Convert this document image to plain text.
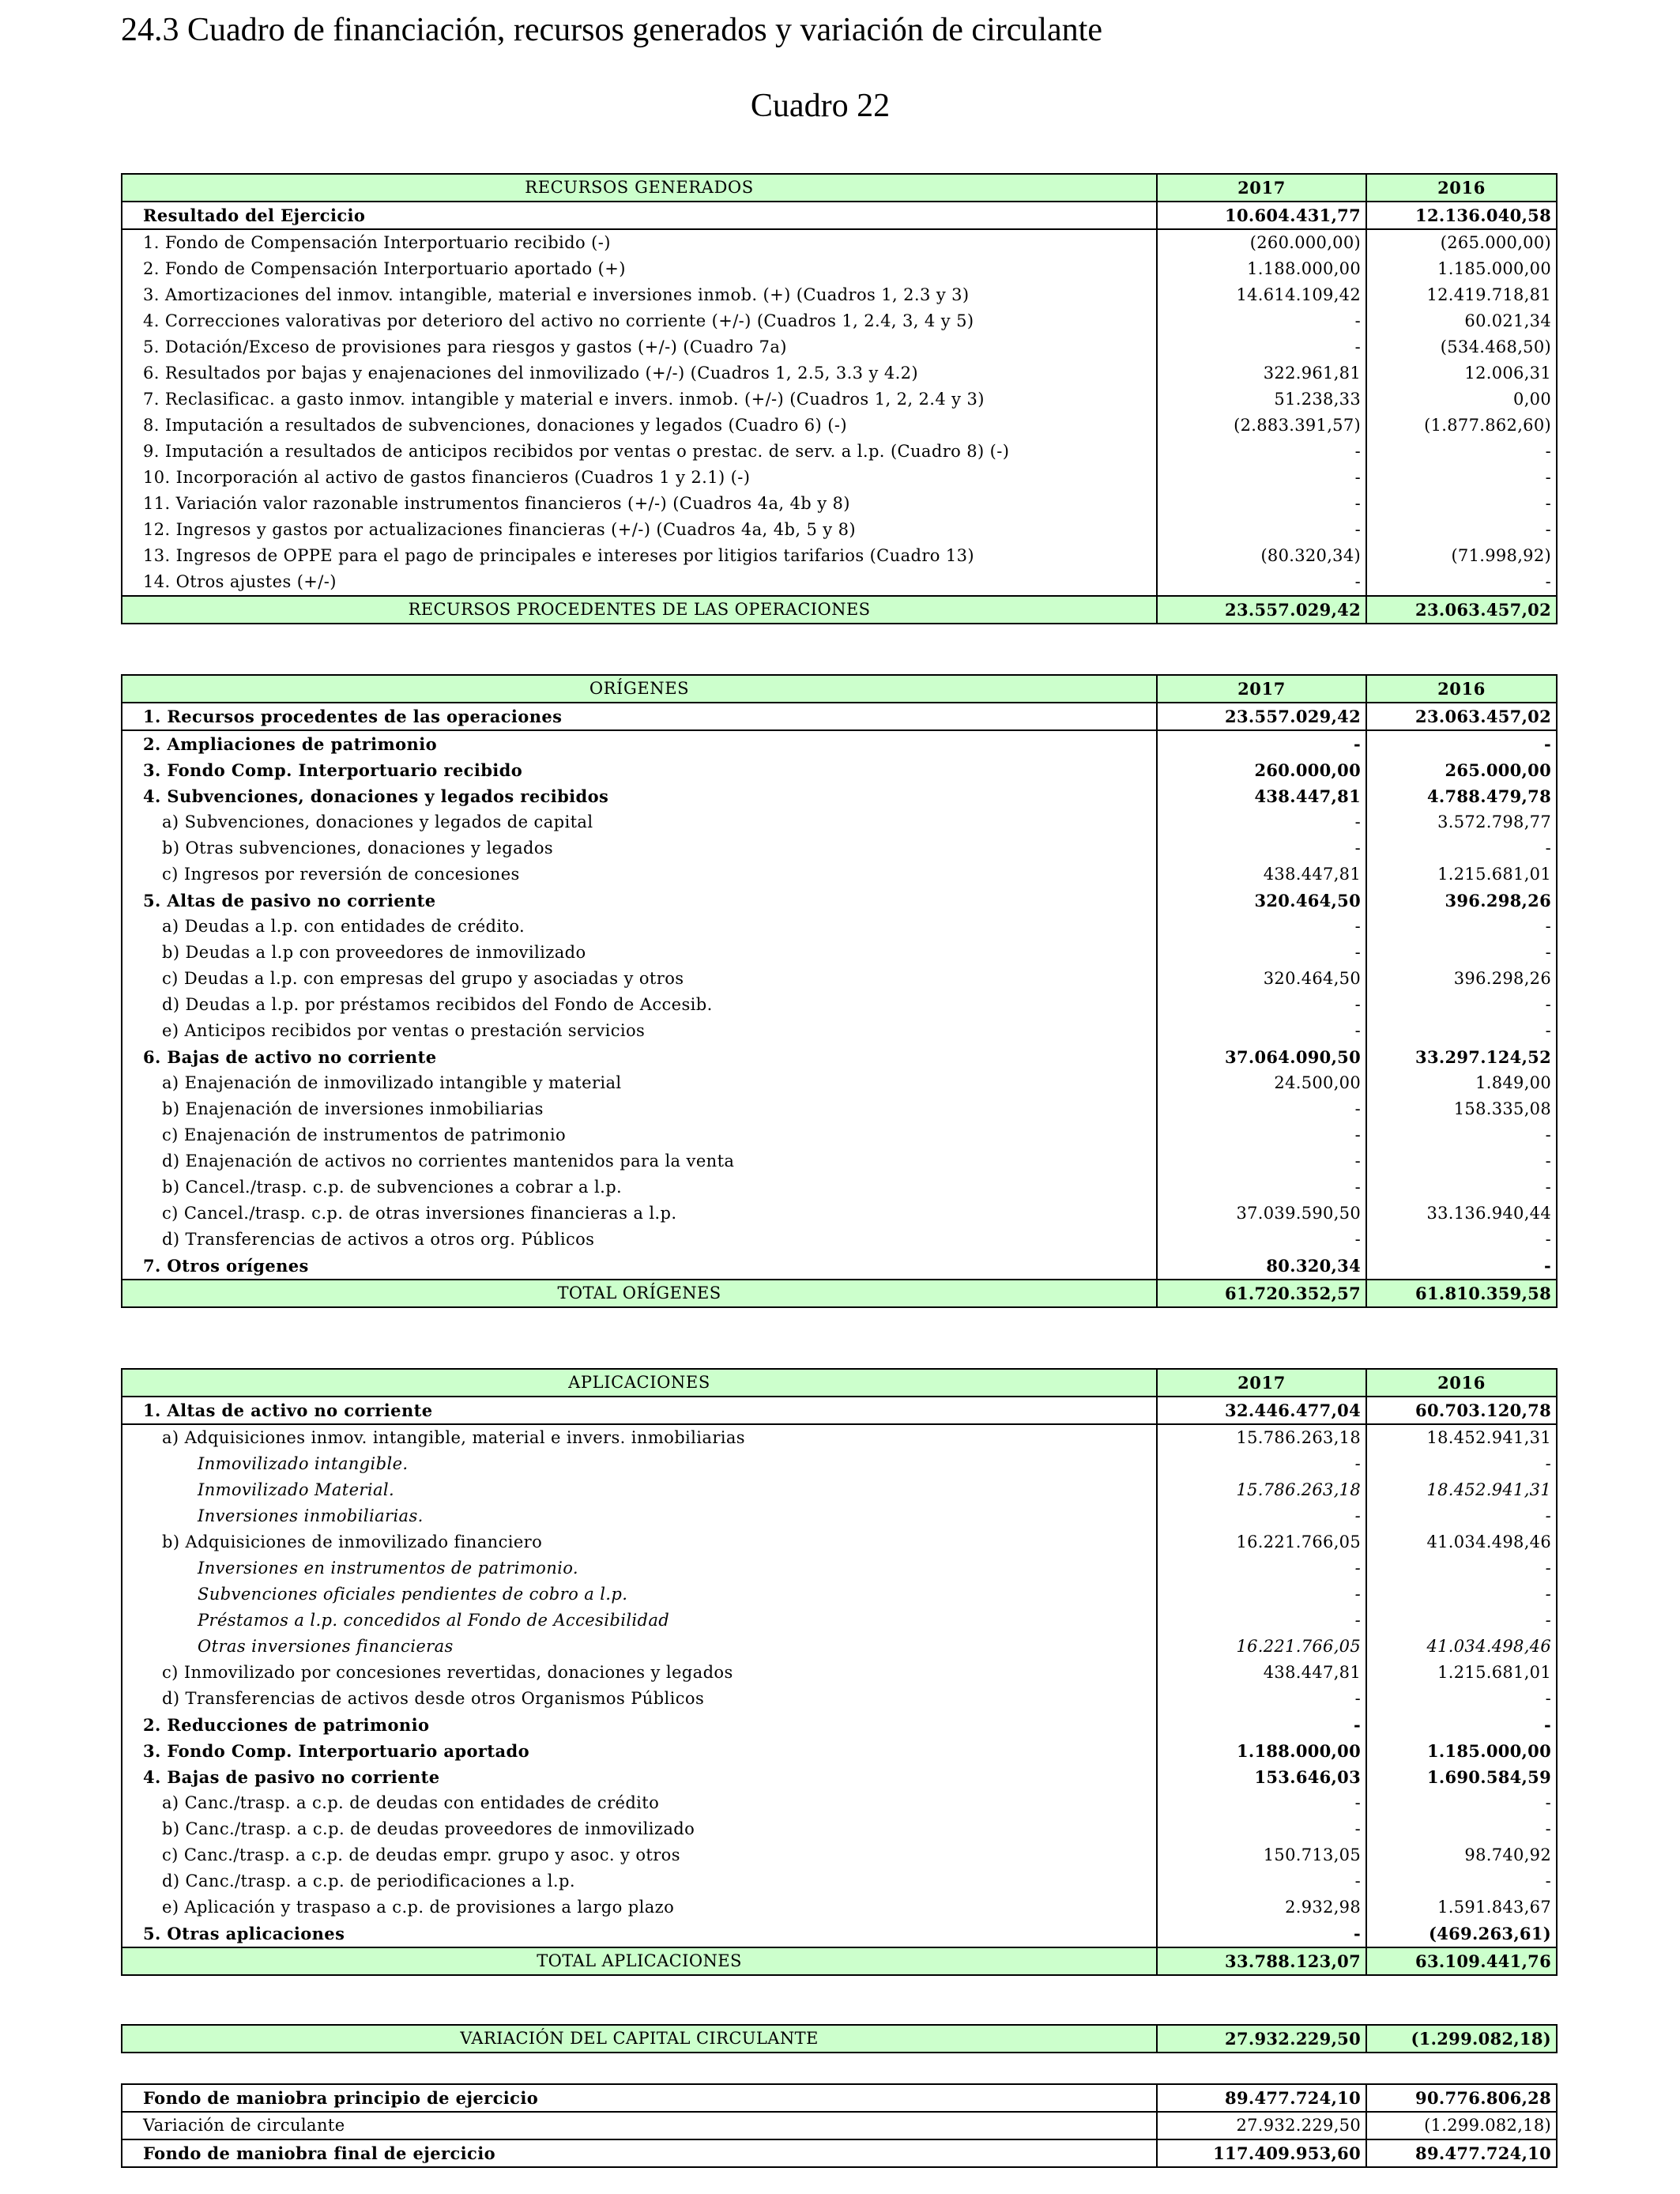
24.3 Cuadro de financiación, recursos generados y variación de circulante
Cuadro 22
RECURSOS GENERADOS	2017	2016
Resultado del Ejercicio	10.604.431,77	12.136.040,58
1. Fondo de Compensación Interportuario recibido (-)	(260.000,00)	(265.000,00)
2. Fondo de Compensación Interportuario aportado (+)	1.188.000,00	1.185.000,00
3. Amortizaciones del inmov. intangible, material e inversiones inmob. (+) (Cuadros 1, 2.3 y 3)	14.614.109,42	12.419.718,81
4. Correcciones valorativas por deterioro del activo no corriente (+/-) (Cuadros 1, 2.4, 3, 4 y 5)	-	60.021,34
5. Dotación/Exceso de provisiones para riesgos y gastos (+/-) (Cuadro 7a)	-	(534.468,50)
6. Resultados por bajas y enajenaciones del inmovilizado (+/-) (Cuadros 1, 2.5, 3.3 y 4.2)	322.961,81	12.006,31
7. Reclasificac. a gasto inmov. intangible y material e invers. inmob. (+/-) (Cuadros 1, 2, 2.4 y 3)	51.238,33	0,00
8. Imputación a resultados de subvenciones, donaciones y legados (Cuadro 6) (-)	(2.883.391,57)	(1.877.862,60)
9. Imputación a resultados de anticipos recibidos por ventas o prestac. de serv. a l.p. (Cuadro 8) (-)	-	-
10. Incorporación al activo de gastos financieros (Cuadros 1 y 2.1) (-)	-	-
11. Variación valor razonable instrumentos financieros (+/-) (Cuadros 4a, 4b y 8)	-	-
12. Ingresos y gastos por actualizaciones financieras (+/-) (Cuadros 4a, 4b, 5 y 8)	-	-
13. Ingresos de OPPE para el pago de principales e intereses por litigios tarifarios (Cuadro 13)	(80.320,34)	(71.998,92)
14. Otros ajustes (+/-)	-	-
RECURSOS PROCEDENTES DE LAS OPERACIONES	23.557.029,42	23.063.457,02
ORÍGENES	2017	2016
1. Recursos procedentes de las operaciones	23.557.029,42	23.063.457,02
2. Ampliaciones de patrimonio	-	-
3. Fondo Comp. Interportuario recibido	260.000,00	265.000,00
4. Subvenciones, donaciones y legados recibidos	438.447,81	4.788.479,78
a) Subvenciones, donaciones y legados de capital	-	3.572.798,77
b) Otras subvenciones, donaciones y legados	-	-
c) Ingresos por reversión de concesiones	438.447,81	1.215.681,01
5. Altas de pasivo no corriente	320.464,50	396.298,26
a) Deudas a l.p. con entidades de crédito.	-	-
b) Deudas a l.p con proveedores de inmovilizado	-	-
c) Deudas a l.p. con empresas del grupo y asociadas y otros	320.464,50	396.298,26
d) Deudas a l.p. por préstamos recibidos del Fondo de Accesib.	-	-
e) Anticipos recibidos por ventas o prestación servicios	-	-
6. Bajas de activo no corriente	37.064.090,50	33.297.124,52
a) Enajenación de inmovilizado intangible y material	24.500,00	1.849,00
b) Enajenación de inversiones inmobiliarias	-	158.335,08
c) Enajenación de instrumentos de patrimonio	-	-
d) Enajenación de activos no corrientes mantenidos para la venta	-	-
b) Cancel./trasp. c.p. de subvenciones a cobrar a l.p.	-	-
c) Cancel./trasp. c.p. de otras inversiones financieras a l.p.	37.039.590,50	33.136.940,44
d) Transferencias de activos a otros org. Públicos	-	-
7. Otros orígenes	80.320,34	-
TOTAL ORÍGENES	61.720.352,57	61.810.359,58
APLICACIONES	2017	2016
1. Altas de activo no corriente	32.446.477,04	60.703.120,78
a) Adquisiciones inmov. intangible, material e invers. inmobiliarias	15.786.263,18	18.452.941,31
Inmovilizado intangible.	-	-
Inmovilizado Material.	15.786.263,18	18.452.941,31
Inversiones inmobiliarias.	-	-
b) Adquisiciones de inmovilizado financiero	16.221.766,05	41.034.498,46
Inversiones en instrumentos de patrimonio.	-	-
Subvenciones oficiales pendientes de cobro a l.p.	-	-
Préstamos a l.p. concedidos al Fondo de Accesibilidad	-	-
Otras inversiones financieras	16.221.766,05	41.034.498,46
c) Inmovilizado por concesiones revertidas, donaciones y legados	438.447,81	1.215.681,01
d) Transferencias de activos desde otros Organismos Públicos	-	-
2. Reducciones de patrimonio	-	-
3. Fondo Comp. Interportuario aportado	1.188.000,00	1.185.000,00
4. Bajas de pasivo no corriente	153.646,03	1.690.584,59
a) Canc./trasp. a c.p. de deudas con entidades de crédito	-	-
b) Canc./trasp. a c.p. de deudas proveedores de inmovilizado	-	-
c) Canc./trasp. a c.p. de deudas empr. grupo y asoc. y otros	150.713,05	98.740,92
d) Canc./trasp. a c.p. de periodificaciones a l.p.	-	-
e) Aplicación y traspaso a c.p. de provisiones a largo plazo	2.932,98	1.591.843,67
5. Otras aplicaciones	-	(469.263,61)
TOTAL APLICACIONES	33.788.123,07	63.109.441,76
VARIACIÓN DEL CAPITAL CIRCULANTE	27.932.229,50	(1.299.082,18)
Fondo de maniobra principio de ejercicio	89.477.724,10	90.776.806,28
Variación de circulante	27.932.229,50	(1.299.082,18)
Fondo de maniobra final de ejercicio	117.409.953,60	89.477.724,10
